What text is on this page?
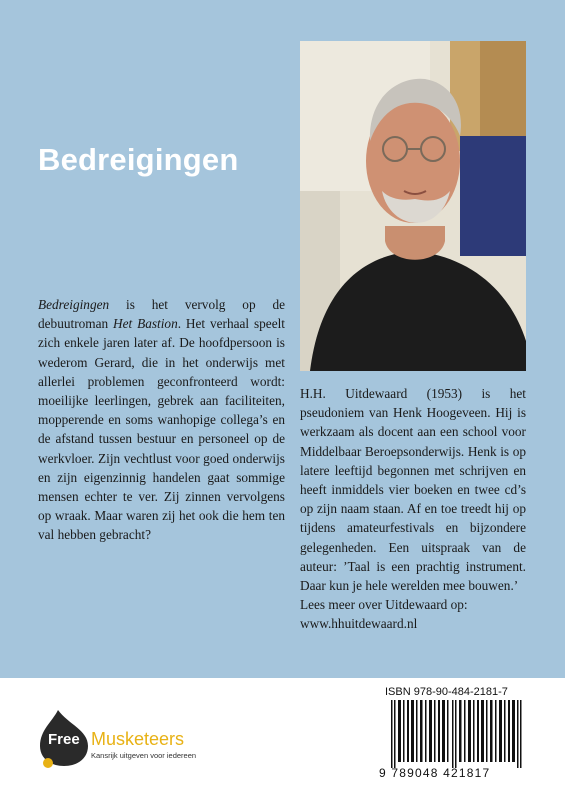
Bedreigingen

Bedreigingen is het vervolg op de debuutroman Het Bastion. Het verhaal speelt zich enkele jaren later af. De hoofdpersoon is wederom Gerard, die in het onderwijs met allerlei problemen geconfronteerd wordt: moeilijke leerlingen, gebrek aan faciliteiten, mopperende en soms wanhopige collega’s en de afstand tussen bestuur en personeel op de werkvloer. Zijn vechtlust voor goed onderwijs en zijn eigenzinnig handelen gaat sommige mensen echter te ver. Zij zinnen vervolgens op wraak. Maar waren zij het ook die hem ten val hebben gebracht?

H.H. Uitdewaard (1953) is het pseudoniem van Henk Hoogeveen. Hij is werkzaam als docent aan een school voor Middelbaar Beroepsonderwijs. Henk is op latere leeftijd begonnen met schrijven en heeft inmiddels vier boeken en twee cd’s op zijn naam staan. Af en toe treedt hij op tijdens amateurfestivals en bijzondere gelegenheden. Een uitspraak van de auteur: ’Taal is een prachtig instrument. Daar kun je hele werelden mee bouwen.’

Lees meer over Uitdewaard op:

www.hhuitdewaard.nl

Free Musketeers
Kansrijk uitgeven voor iedereen
ISBN 978-90-484-2181-7
9 789048 421817
